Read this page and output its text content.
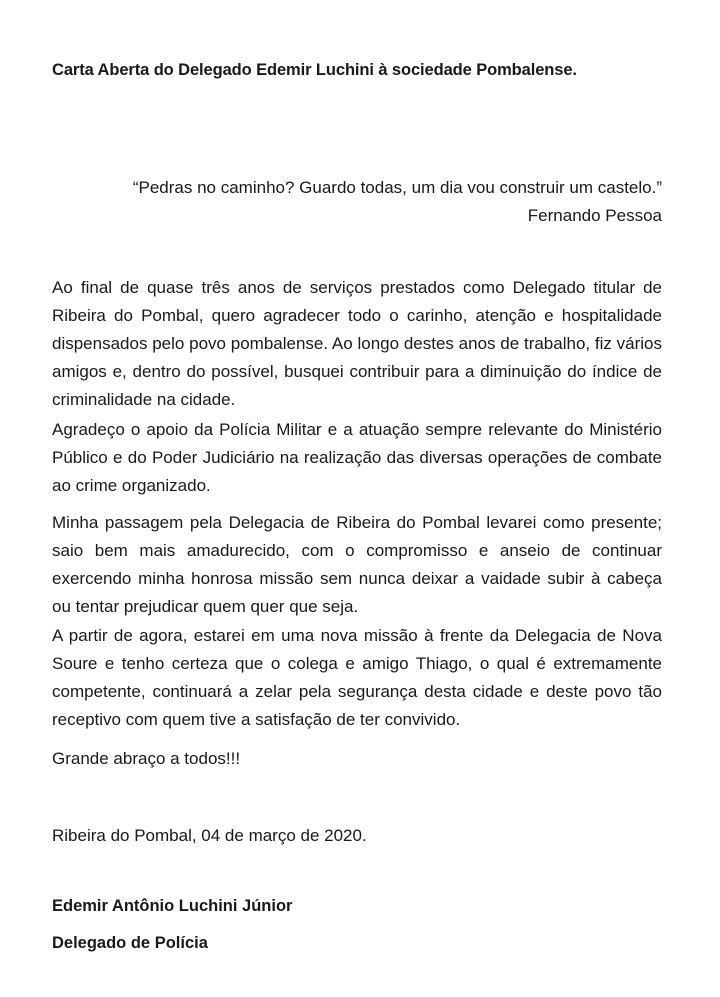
Carta Aberta do Delegado Edemir Luchini à sociedade Pombalense.

“Pedras no caminho? Guardo todas, um dia vou construir um castelo.”

Fernando Pessoa

Ao final de quase três anos de serviços prestados como Delegado titular de Ribeira do Pombal, quero agradecer todo o carinho, atenção e hospitalidade dispensados pelo povo pombalense. Ao longo destes anos de trabalho, fiz vários amigos e, dentro do possível, busquei contribuir para a diminuição do índice de criminalidade na cidade.

Agradeço o apoio da Polícia Militar e a atuação sempre relevante do Ministério Público e do Poder Judiciário na realização das diversas operações de combate ao crime organizado.

Minha passagem pela Delegacia de Ribeira do Pombal levarei como presente; saio bem mais amadurecido, com o compromisso e anseio de continuar exercendo minha honrosa missão sem nunca deixar a vaidade subir à cabeça ou tentar prejudicar quem quer que seja.

A partir de agora, estarei em uma nova missão à frente da Delegacia de Nova Soure e tenho certeza que o colega e amigo Thiago, o qual é extremamente competente, continuará a zelar pela segurança desta cidade e deste povo tão receptivo com quem tive a satisfação de ter convivido.

Grande abraço a todos!!!

Ribeira do Pombal, 04 de março de 2020.
Edemir Antônio Luchini Júnior
Delegado de Polícia
